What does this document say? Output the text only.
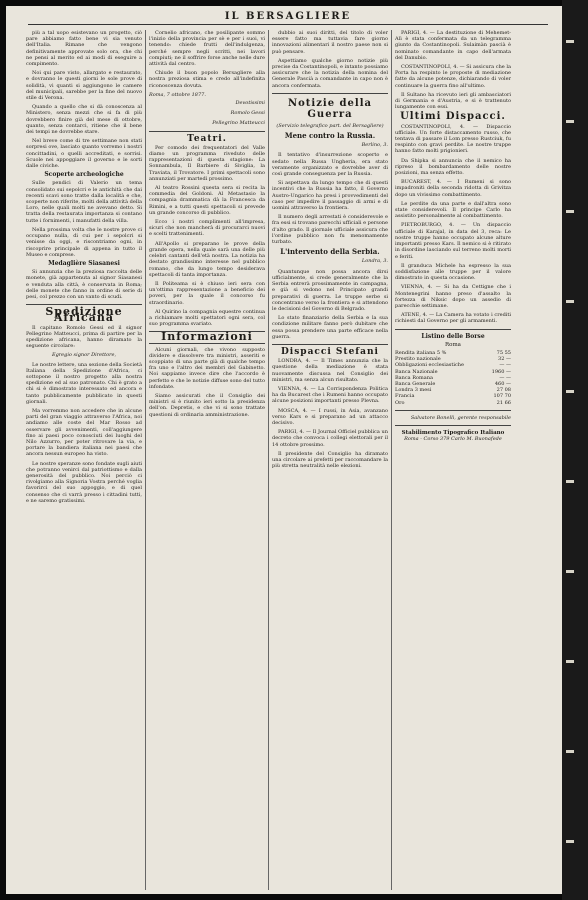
IL BERSAGLIERE

più a tal uopo esistevano un progetto, ciò pare abbiamo fatto bene vi sia venuto dell'Italia. Rimane che vengono definitivamente approvate solo ora, che chi ne pensi al merito ed ai modi di eseguire a compimento.

Noi qui pare visto, allargato e restaurato, e dovranno le questi giorni le sole prove di solidità, vi quanti si aggiungono le camere del municipali, sarebbe per la fine del nuovo stile di Verona.

Quando a quello che si dà conoscenza al Ministero, senza mezzi che si fa di più dovrebbero finire già del mese di ottobre, quanto, senza contarci, ritiene che il bene dei tempi ne dovrebbe stare.

Nel breve come di tre settimane non stati sorpresi ove, lasciato quanto vorremo i nostri concittadini, o quelli accreditati, e sorrisi. Scuole nei appoggiare il governo e le sorti dalle civiche.

Scoperte archeologiche

Sulle pendici di Valerio un tema consolidato sui sepolcri e le antichità che dai recenti scavi sono tratte dalla località e che, scoperte non riferite, molti della attività della Loro, nelle quali molti ne avevano detto. Si tratta della restaurata importanza si contano tutte i fornimenti, i manufatti della villa.

Nella prossima volta che le nostre prove ci occupano nulla, di cui per i sepolcri si venisse da oggi, e riscontriamo ogni, in riscoprire principale di appena in tutto il Museo e comprese.

Medaglière Siasanesi

Si annunzia che la preziosa raccolta delle monete, già appartenuta al signor Siasanesi e venduta alla città, è conservata in Roma; delle monete che fanno in ordine di serie di pesi, col prezzo con un vanto di scudi.

Spedizione Africana

Il capitano Romolo Gessi ed il signor Pellegrino Matteucci, prima di partire per la spedizione africana, hanno diramato la seguente circolare:

Egregio signor Direttore,

Le nostre lettere, una sezione della Società Italiana della Spedizione d'Africa, ci sottopone il nostro progetto alla nostra spedizione ed al suo patronato. Chi è grato a chi si è dimostrato interessato ed ancora e tanto pubblicamente pubblicato in questi giornali.

Ma vorremmo non accedere che in alcune parti del gran viaggio attraverso l'Africa, noi andiamo alle coste del Mar Rosso ad osservare gli avvenimenti, coll'aggiungere fino ai paesi poco conosciuti dei luoghi del Nilo Azzurro, per poter ritrovare la via, e portare la bandiera italiana nei paesi che ancora nessun europeo ha visto.

Le nostre speranze sono fondate sugli aiuti che potranno venirci dal patriottismo e dalla generosità del pubblico. Noi perciò ci rivolgiamo alla Signoria Vostra perché voglia favorirci del suo appoggio, e di quel consenso che ci varrà presso i cittadini tutti, e ne saremo gratissimi.

Cornelio africano, che posilipante sommo l'inizio della provincia per sè e per i suoi, vi tenendo: chiede frutti dell'indulgenza, perché sempre negli scritti, nei lavori compiuti; ne il soffrire forse anche nelle dure attività dal centro.

Chiude il buon popolo Bersagliere alla nostra preziosa stima e credo all'indefinita riconoscenza dovuta.

Roma, 7 ottobre 1877.
Devotissimi
Romolo Gessi
Pellegrino Matteucci
Teatri.

Per comodo dei frequentatori del Valle diamo un programma riveduto delle rappresentazioni di questa stagione: La Sonnambula, Il Barbiere di Siviglia, la Traviata, il Trovatore. I primi spettacoli sono annunziati per martedì prossimo.

Al teatro Rossini questa sera si recita la commedia del Goldoni. Al Metastasio la compagnia drammatica dà la Francesca da Rimini, e a tutti questi spettacoli si prevede un grande concorso di pubblico.

Ecco i nostri complimenti all'impresa, sicuri che non mancherà di procurarci nuovi e scelti trattenimenti.

All'Apollo si preparano le prove della grande opera, nella quale sarà una delle più celebri cantanti dell'età nostra. La notizia ha destato grandissimo interesse nel pubblico romano, che da lungo tempo desiderava spettacoli di tanta importanza.

Il Politeama si è chiuso ieri sera con un'ottima rappresentazione a beneficio dei poveri, per la quale il concorso fu straordinario.

Al Quirino la compagnia equestre continua a richiamare molti spettatori ogni sera, col suo programma svariato.

Informazioni

Alcuni giornali, che vivono supposto dividere e dissolvere tra ministri, asseriti e scoppiato di una parte già di qualche tempo fra uno e l'altro dei membri del Gabinetto. Noi sappiamo invece dire che l'accordo è perfetto e che le notizie diffuse sono del tutto infondate.

Siamo assicurati che il Consiglio dei ministri si è riunito ieri sotto la presidenza dell'on. Depretis, e che vi si sono trattate questioni di ordinaria amministrazione.

dubbio ai suoi diritti, del titolo di voler essere fatto ma tuttavia fare giorno innovazioni alimentari il nostro paese non si può pensare.

Aspettiamo qualche giorno notizie più precise da Costantinopoli, e intanto possiamo assicurare che la notizia della nomina del Generale Pascià a comandante in capo non è ancora confermata.

Notizie della Guerra
(Servizio telegrafico part. del Bersagliere)
Mene contro la Russia.
Berlino, 3.

Il tentativo d'insurrezione scoperto e sedato nella Russa Ungheria, era stato veramente organizzato e dovrebbe aver di così grande conseguenza per la Russia.

Si aspettava da lungo tempo che di questi incentivi che la Russia ha fatto, il Governo Austro-Ungarico ha presi i provvedimenti del caso per impedire il passaggio di armi e di uomini attraverso la frontiera.

Il numero degli arrestati è considerevole e fra essi si trovano parecchi ufficiali e persone d'alto grado. Il giornale ufficiale assicura che l'ordine pubblico non fu menomamente turbato.

L'intervento della Serbia.
Londra, 3.

Quantunque non possa ancora dirsi ufficialmente, si crede generalmente che la Serbia entrerà prossimamente in campagna, e già si vedono nel Principato grandi preparativi di guerra. Le truppe serbe si concentrano verso la frontiera e si attendono le decisioni del Governo di Belgrado.

Lo stato finanziario della Serbia e la sua condizione militare fanno però dubitare che essa possa prendere una parte efficace nella guerra.

Dispacci Stefani

LONDRA, 4. — Il Times annunzia che la questione della mediazione è stata nuovamente discussa nel Consiglio dei ministri, ma senza alcun risultato.

VIENNA, 4. — La Corrispondenza Politica ha da Bucarest che i Rumeni hanno occupato alcune posizioni importanti presso Plevna.

MOSCA, 4. — I russi, in Asia, avanzano verso Kars e si preparano ad un attacco decisivo.

PARIGI, 4. — Il Journal Officiel pubblica un decreto che convoca i collegi elettorali per il 14 ottobre prossimo.

Il presidente del Consiglio ha diramato una circolare ai prefetti per raccomandare la più stretta neutralità nelle elezioni.

PARIGI, 4. — La destituzione di Mehemet-Alì è stata confermata da un telegramma giunto da Costantinopoli. Sulaimàn pascià è nominato comandante in capo dell'armata del Danubio.

COSTANTINOPOLI, 4. — Si assicura che la Porta ha respinto le proposte di mediazione fatte da alcune potenze, dichiarando di voler continuare la guerra fino all'ultimo.

Il Sultano ha ricevuto ieri gli ambasciatori di Germania e d'Austria, e si è trattenuto lungamente con essi.

Ultimi Dispacci.

COSTANTINOPOLI, 4. — Dispaccio ufficiale. Un forte distaccamento russo, che tentava di passare il Lom presso Rustciuk, fu respinto con gravi perdite. Le nostre truppe hanno fatto molti prigionieri.

Da Shipka si annuncia che il nemico ha ripreso il bombardamento delle nostre posizioni, ma senza effetto.

BUCAREST, 4. — I Rumeni si sono impadroniti della seconda ridotta di Grivitza dopo un vivissimo combattimento.

Le perdite da una parte e dall'altra sono state considerevoli. Il principe Carlo ha assistito personalmente al combattimento.

PIETROBURGO, 4. — Un dispaccio ufficiale di Karajal, in data del 3, reca: Le nostre truppe hanno occupato alcune alture importanti presso Kars. Il nemico si è ritirato in disordine lasciando sul terreno molti morti e feriti.

Il granduca Michele ha espresso la sua soddisfazione alle truppe per il valore dimostrato in questa occasione.

VIENNA, 4. — Si ha da Cettigne che i Montenegrini hanno preso d'assalto la fortezza di Niksic dopo un assedio di parecchie settimane.

ATENE, 4. — La Camera ha votato i crediti richiesti dal Governo per gli armamenti.

Listino delle Borse
Roma
Rendita italiana 5 %	75 55
Prestito nazionale	32 —
Obbligazioni ecclesiastiche	— —
Banca Nazionale	1960 —
Banca Romana	— —
Banca Generale	460 —
Londra 3 mesi	27 08
Francia	107 70
Oro	21 66
Salvatore Bonelli, gerente responsabile
Stabilimento Tipografico Italiano
Roma - Corso 379 Carlo M. Buonafede
